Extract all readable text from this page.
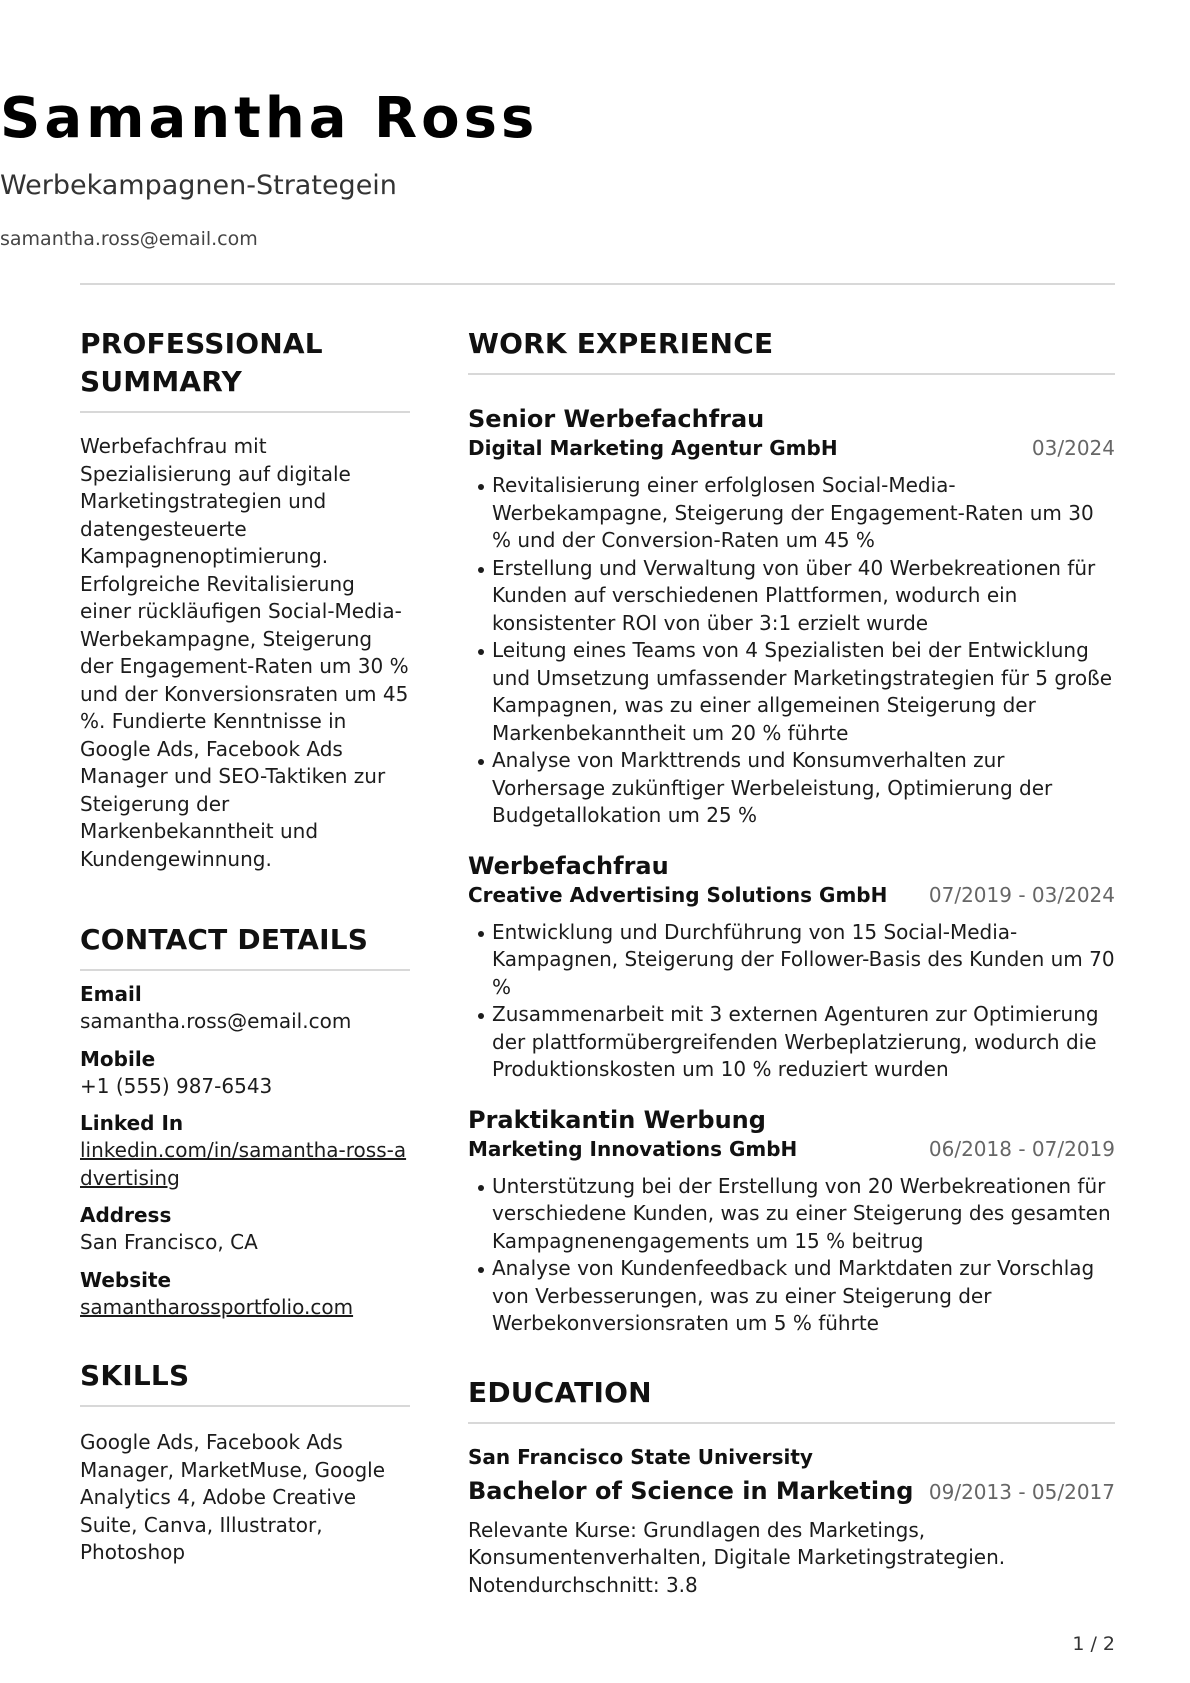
Samantha Ross
Werbekampagnen-Strategein
samantha.ross@email.com
PROFESSIONAL SUMMARY
Werbefachfrau mit Spezialisierung auf digitale Marketingstrategien und datengesteuerte Kampagnenoptimierung. Erfolgreiche Revitalisierung einer rückläufigen Social-Media-Werbekampagne, Steigerung der Engagement-Raten um 30 % und der Konversionsraten um 45 %. Fundierte Kenntnisse in Google Ads, Facebook Ads Manager und SEO-Taktiken zur Steigerung der Markenbekanntheit und Kundengewinnung.
CONTACT DETAILS
Email
samantha.ross@email.com
Mobile
+1 (555) 987-6543
Linked In
linkedin.com/in/samantha-ross-advertising
Address
San Francisco, CA
Website
samantharossportfolio.com
SKILLS
Google Ads, Facebook Ads Manager, MarketMuse, Google Analytics 4, Adobe Creative Suite, Canva, Illustrator, Photoshop
WORK EXPERIENCE
Senior Werbefachfrau
Digital Marketing Agentur GmbH	03/2024
Revitalisierung einer erfolglosen Social-Media-Werbekampagne, Steigerung der Engagement-Raten um 30 % und der Conversion-Raten um 45 %
Erstellung und Verwaltung von über 40 Werbekreationen für Kunden auf verschiedenen Plattformen, wodurch ein konsistenter ROI von über 3:1 erzielt wurde
Leitung eines Teams von 4 Spezialisten bei der Entwicklung und Umsetzung umfassender Marketingstrategien für 5 große Kampagnen, was zu einer allgemeinen Steigerung der Markenbekanntheit um 20 % führte
Analyse von Markttrends und Konsumverhalten zur Vorhersage zukünftiger Werbeleistung, Optimierung der Budgetallokation um 25 %
Werbefachfrau
Creative Advertising Solutions GmbH 07/2019 - 03/2024
Entwicklung und Durchführung von 15 Social-Media-Kampagnen, Steigerung der Follower-Basis des Kunden um 70 %
Zusammenarbeit mit 3 externen Agenturen zur Optimierung der plattformübergreifenden Werbeplatzierung, wodurch die Produktionskosten um 10 % reduziert wurden
Praktikantin Werbung
Marketing Innovations GmbH	06/2018 - 07/2019
Unterstützung bei der Erstellung von 20 Werbekreationen für verschiedene Kunden, was zu einer Steigerung des gesamten Kampagnenengagements um 15 % beitrug
Analyse von Kundenfeedback und Marktdaten zur Vorschlag von Verbesserungen, was zu einer Steigerung der Werbekonversionsraten um 5 % führte
EDUCATION
San Francisco State University
Bachelor of Science in Marketing 09/2013 - 05/2017
Relevante Kurse: Grundlagen des Marketings, Konsumentenverhalten, Digitale Marketingstrategien. Notendurchschnitt: 3.8
1 / 2
